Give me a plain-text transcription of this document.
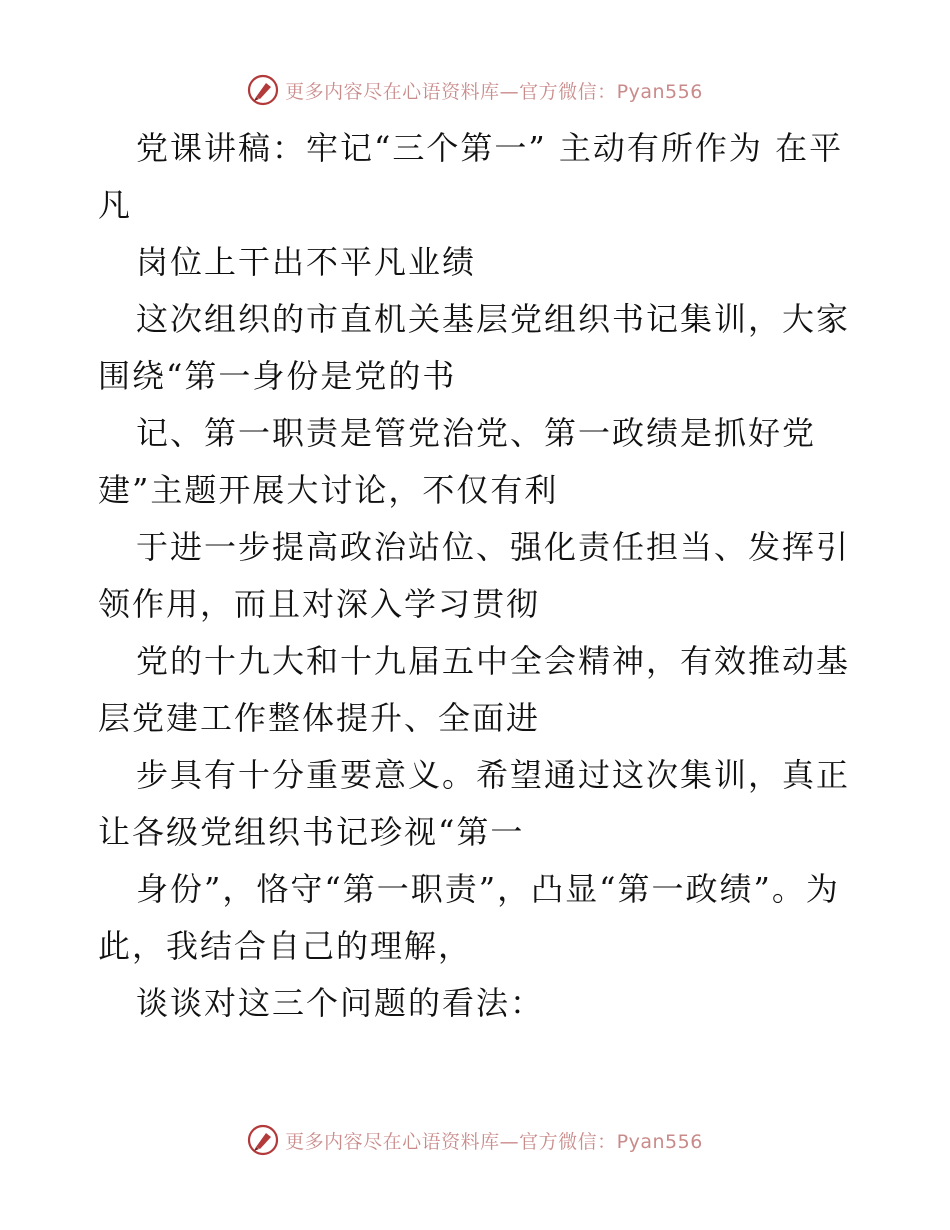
更多内容尽在心语资料库—官方微信：Pyan556

党课讲稿：牢记“三个第一” 主动有所作为 在平凡

岗位上干出不平凡业绩

这次组织的市直机关基层党组织书记集训，大家围绕“第一身份是党的书

记、第一职责是管党治党、第一政绩是抓好党建”主题开展大讨论，不仅有利

于进一步提高政治站位、强化责任担当、发挥引领作用，而且对深入学习贯彻

党的十九大和十九届五中全会精神，有效推动基层党建工作整体提升、全面进

步具有十分重要意义。希望通过这次集训，真正让各级党组织书记珍视“第一

身份”，恪守“第一职责”，凸显“第一政绩”。为此，我结合自己的理解，

谈谈对这三个问题的看法：

更多内容尽在心语资料库—官方微信：Pyan556
